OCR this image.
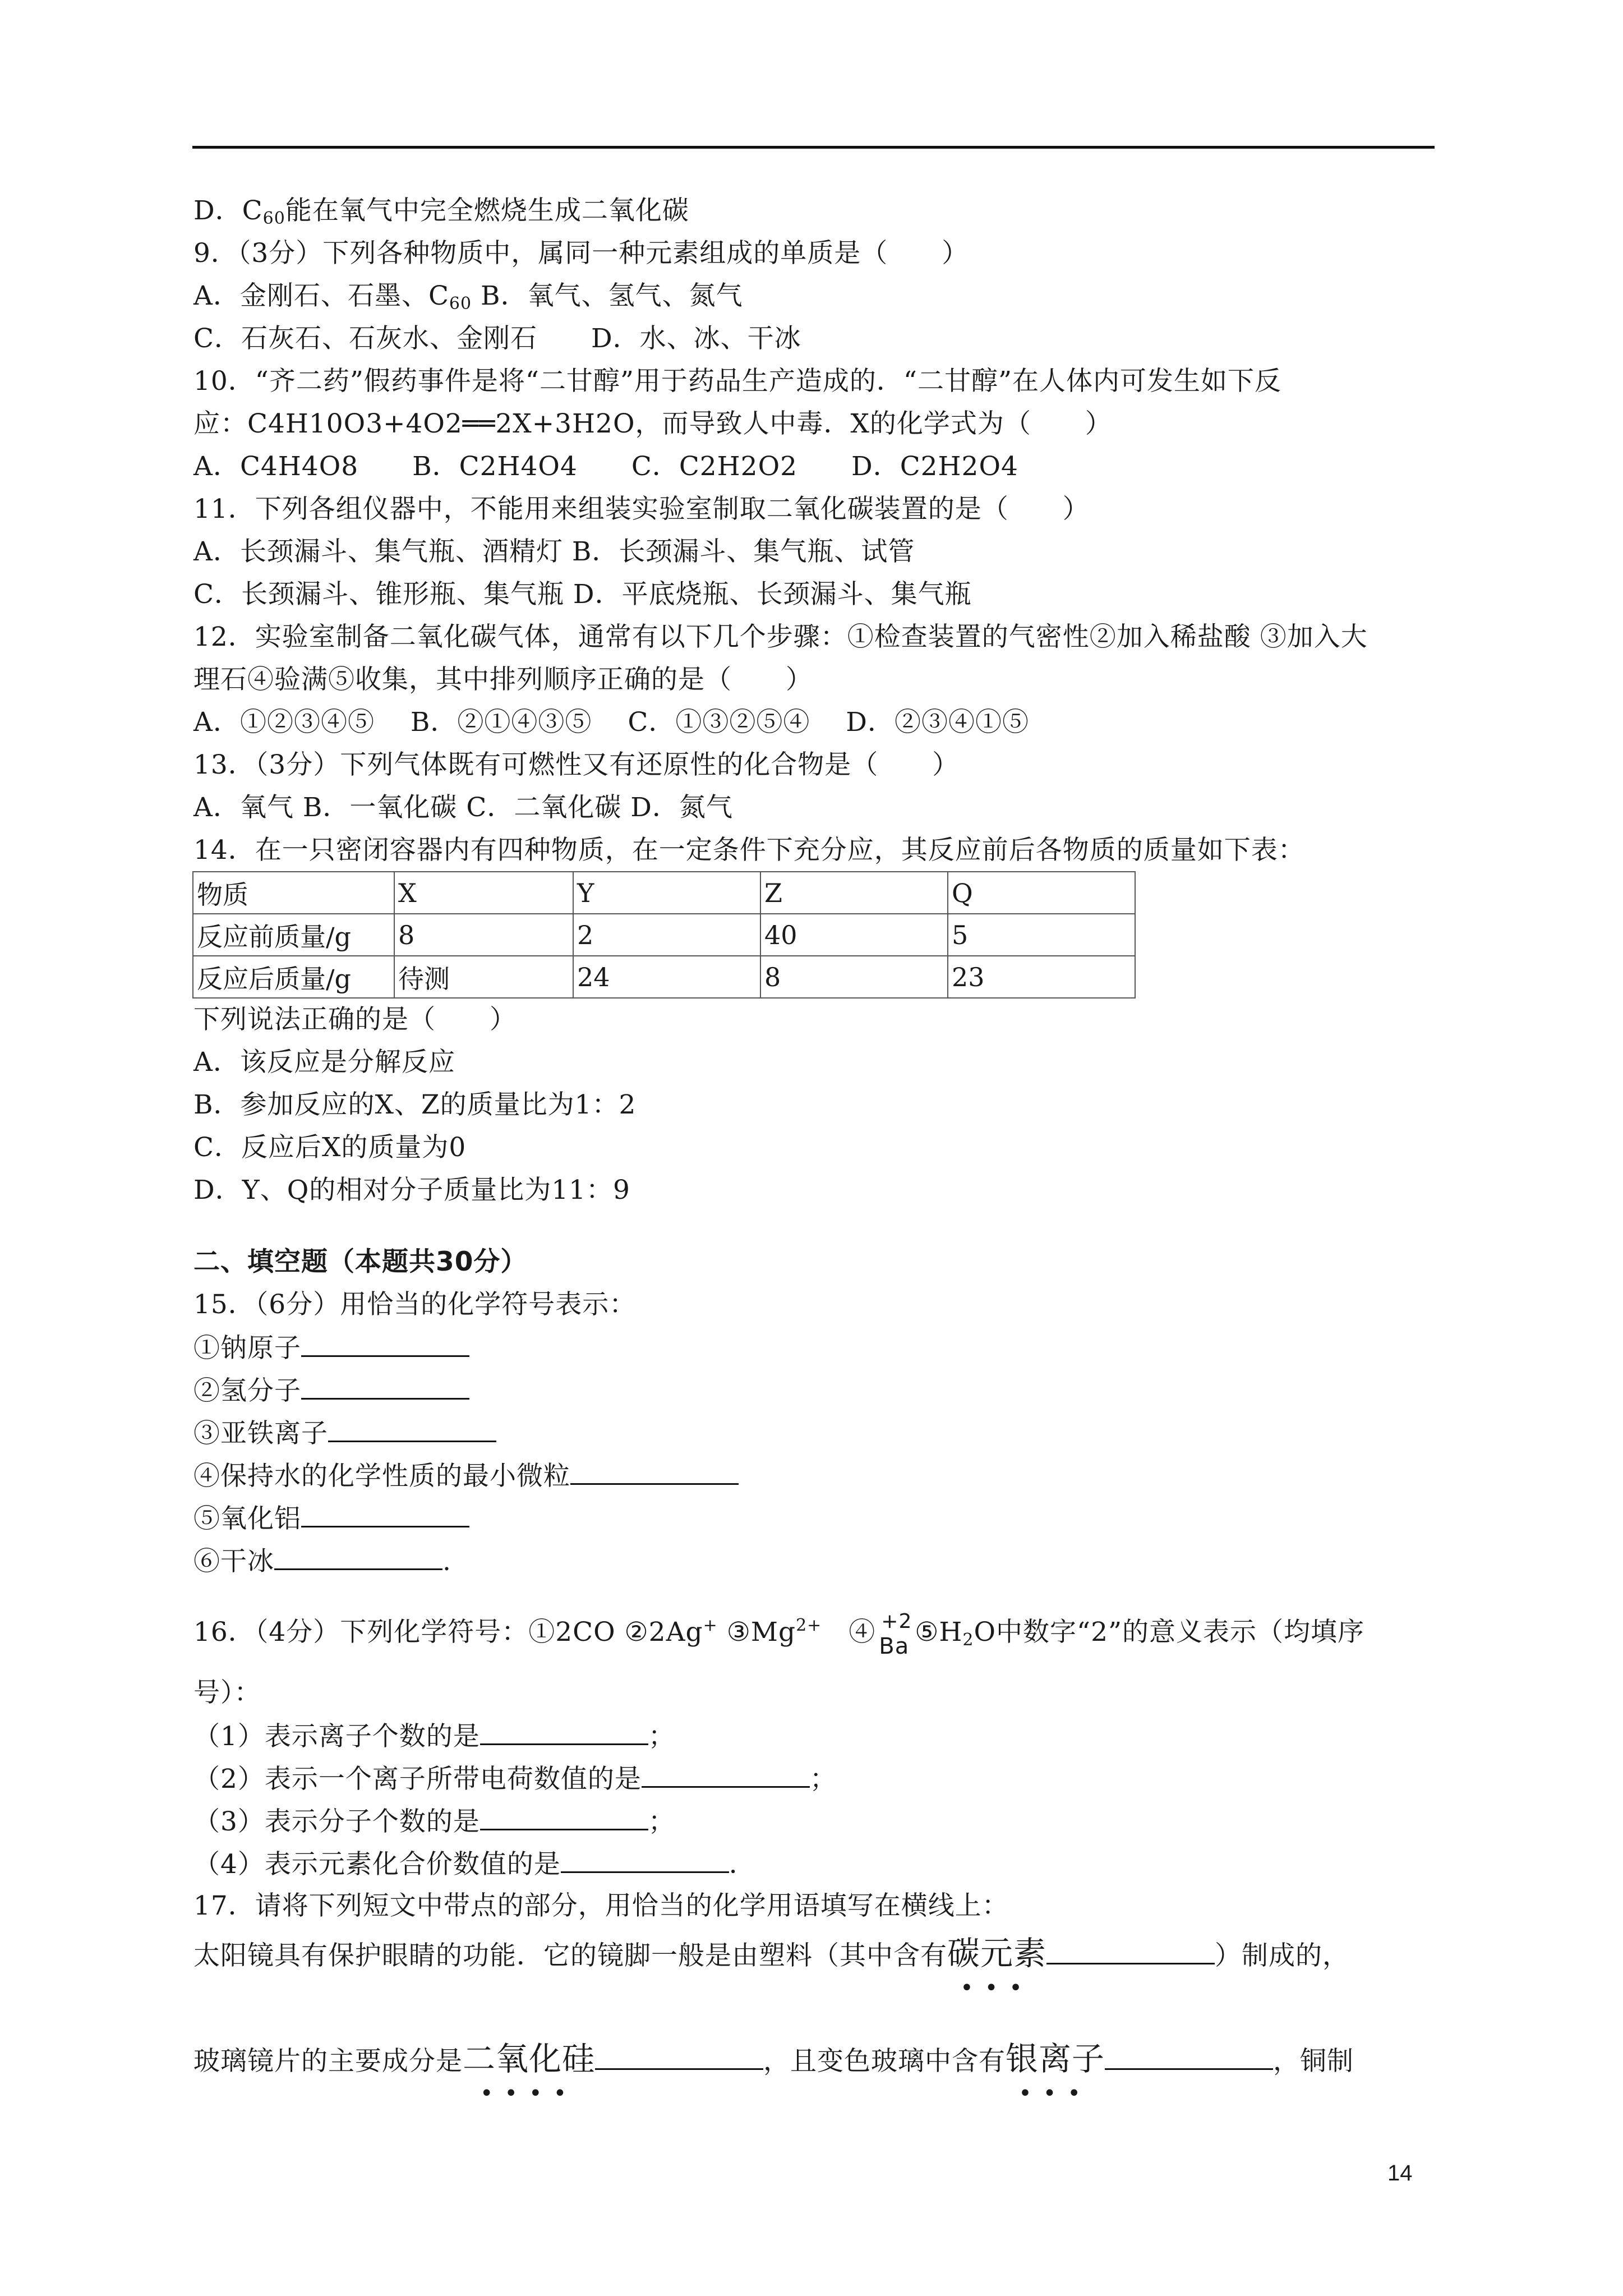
D．$C_{60}$能在氧气中完全燃烧生成二氧化碳
9．（3分）下列各种物质中，属同一种元素组成的单质是（　　）
A．金刚石、石墨、$C_{60}$ B．氧气、氢气、氮气
C．石灰石、石灰水、金刚石　　D．水、冰、干冰
10．“齐二药”假药事件是将“二甘醇”用于药品生产造成的．“二甘醇”在人体内可发生如下反
应：C4H10O3+4O2══2X+3H2O，而导致人中毒．X的化学式为（　　）
A．C4H4O8　　B．C2H4O4　　C．C2H2O2　　D．C2H2O4
11．下列各组仪器中，不能用来组装实验室制取二氧化碳装置的是（　　）
A．长颈漏斗、集气瓶、酒精灯 B．长颈漏斗、集气瓶、试管
C．长颈漏斗、锥形瓶、集气瓶 D．平底烧瓶、长颈漏斗、集气瓶
12．实验室制备二氧化碳气体，通常有以下几个步骤：①检查装置的气密性②加入稀盐酸 ③加入大
理石④验满⑤收集，其中排列顺序正确的是（　　）
A．①②③④⑤　 B．②①④③⑤　 C．①③②⑤④　 D．②③④①⑤
13．（3分）下列气体既有可燃性又有还原性的化合物是（　　）
A．氧气 B．一氧化碳 C．二氧化碳 D．氮气
14．在一只密闭容器内有四种物质，在一定条件下充分应，其反应前后各物质的质量如下表：
物质	X	Y	Z	Q
反应前质量/g	8	2	40	5
反应后质量/g	待测	24	8	23
下列说法正确的是（　　）
A．该反应是分解反应
B．参加反应的X、Z的质量比为1：2
C．反应后X的质量为0
D．Y、Q的相对分子质量比为11：9
二、填空题（本题共30分）
15．（6分）用恰当的化学符号表示：
①钠原子
②氢分子
③亚铁离子
④保持水的化学性质的最小微粒
⑤氧化铝
⑥干冰	.
16．（4分）下列化学符号：①2CO ②2Ag+ $③Mg^{2+}$　④ +2
Ba $⑤H_2O$中数字“2”的意义表示（均填序
号）：
（1）表示离子个数的是	；
（2）表示一个离子所带电荷数值的是	；
（3）表示分子个数的是	；
（4）表示元素化合价数值的是	．
17．请将下列短文中带点的部分，用恰当的化学用语填写在横线上：
太阳镜具有保护眼睛的功能．它的镜脚一般是由塑料（其中含有碳元素
•••
）制成的，
玻璃镜片的主要成分是二氧化硅
••••
，且变色玻璃中含有银离子
•••
，铜制
14
